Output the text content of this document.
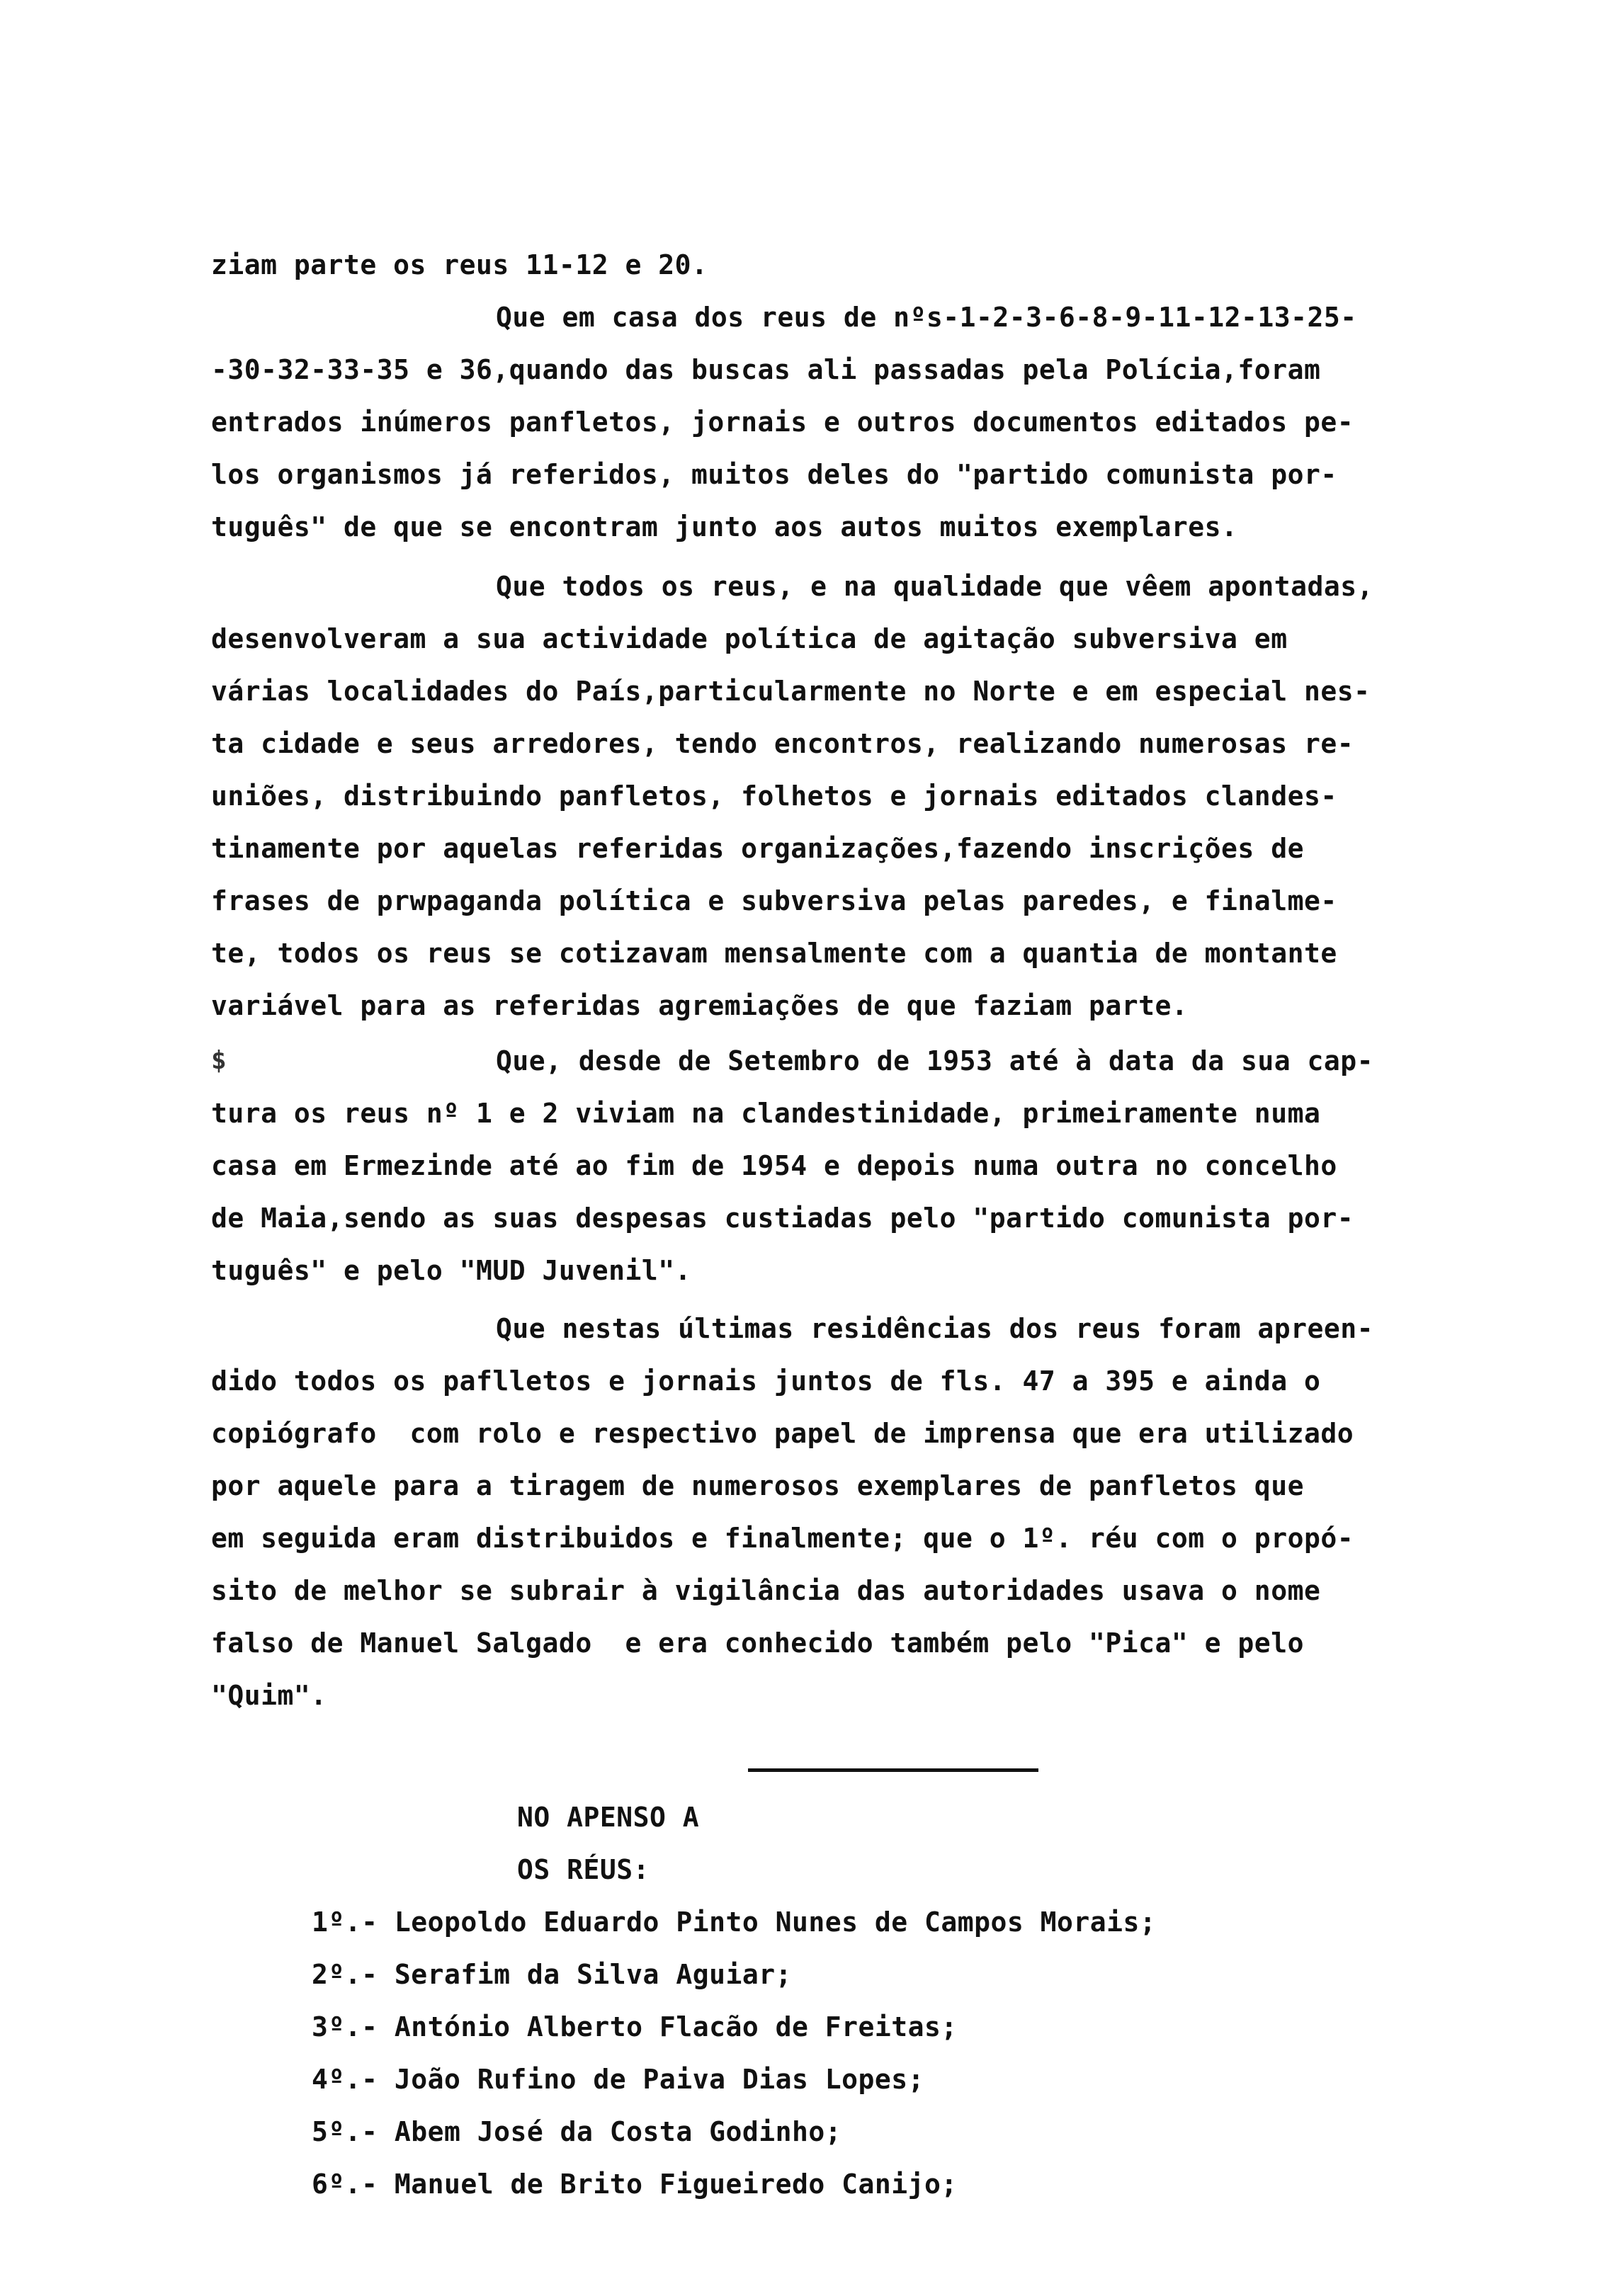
ziam parte os reus 11-12 e 20.
Que em casa dos reus de nºs-1-2-3-6-8-9-11-12-13-25-
-30-32-33-35 e 36,quando das buscas ali passadas pela Polícia,foram
entrados inúmeros panfletos, jornais e outros documentos editados pe-
los organismos já referidos, muitos deles do "partido comunista por-
tuguês" de que se encontram junto aos autos muitos exemplares.
Que todos os reus, e na qualidade que vêem apontadas,
desenvolveram a sua actividade política de agitação subversiva em
várias localidades do País,particularmente no Norte e em especial nes-
ta cidade e seus arredores, tendo encontros, realizando numerosas re-
uniões, distribuindo panfletos, folhetos e jornais editados clandes-
tinamente por aquelas referidas organizações,fazendo inscrições de
frases de prwpaganda política e subversiva pelas paredes, e finalme-
te, todos os reus se cotizavam mensalmente com a quantia de montante
variável para as referidas agremiações de que faziam parte.
$	Que, desde de Setembro de 1953 até à data da sua cap-
tura os reus nº 1 e 2 viviam na clandestinidade, primeiramente numa
casa em Ermezinde até ao fim de 1954 e depois numa outra no concelho
de Maia,sendo as suas despesas custiadas pelo "partido comunista por-
tuguês" e pelo "MUD Juvenil".
Que nestas últimas residências dos reus foram apreen-
dido todos os paflletos e jornais juntos de fls. 47 a 395 e ainda o
copiógrafo  com rolo e respectivo papel de imprensa que era utilizado
por aquele para a tiragem de numerosos exemplares de panfletos que
em seguida eram distribuidos e finalmente; que o 1º. réu com o propó-
sito de melhor se subrair à vigilância das autoridades usava o nome
falso de Manuel Salgado  e era conhecido também pelo "Pica" e pelo
"Quim".
NO APENSO A
OS RÉUS:
1º.- Leopoldo Eduardo Pinto Nunes de Campos Morais;
2º.- Serafim da Silva Aguiar;
3º.- António Alberto Flacão de Freitas;
4º.- João Rufino de Paiva Dias Lopes;
5º.- Abem José da Costa Godinho;
6º.- Manuel de Brito Figueiredo Canijo;
